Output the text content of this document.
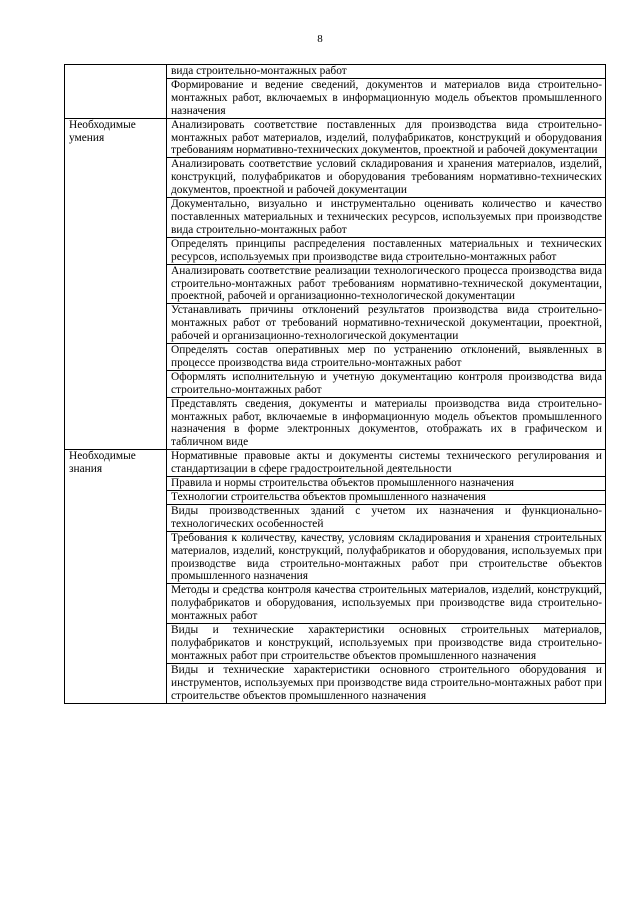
8

	вида строительно-монтажных работ

	Формирование и ведение сведений, документов и материалов вида строительно-монтажных работ, включаемых в информационную модель объектов промышленного назначения

Необходимые умения	Анализировать соответствие поставленных для производства вида строительно-монтажных работ материалов, изделий, полуфабрикатов, конструкций и оборудования требованиям нормативно-технических документов, проектной и рабочей документации

	Анализировать соответствие условий складирования и хранения материалов, изделий, конструкций, полуфабрикатов и оборудования требованиям нормативно-технических документов, проектной и рабочей документации

	Документально, визуально и инструментально оценивать количество и качество поставленных материальных и технических ресурсов, используемых при производстве вида строительно-монтажных работ

	Определять принципы распределения поставленных материальных и технических ресурсов, используемых при производстве вида строительно-монтажных работ

	Анализировать соответствие реализации технологического процесса производства вида строительно-монтажных работ требованиям нормативно-технической документации, проектной, рабочей и организационно-технологической документации

	Устанавливать причины отклонений результатов производства вида строительно-монтажных работ от требований нормативно-технической документации, проектной, рабочей и организационно-технологической документации

	Определять состав оперативных мер по устранению отклонений, выявленных в процессе производства вида строительно-монтажных работ

	Оформлять исполнительную и учетную документацию контроля производства вида строительно-монтажных работ

	Представлять сведения, документы и материалы производства вида строительно-монтажных работ, включаемые в информационную модель объектов промышленного назначения в форме электронных документов, отображать их в графическом и табличном виде

Необходимые знания	Нормативные правовые акты и документы системы технического регулирования и стандартизации в сфере градостроительной деятельности

	Правила и нормы строительства объектов промышленного назначения

	Технологии строительства объектов промышленного назначения

	Виды производственных зданий с учетом их назначения и функционально-технологических особенностей

	Требования к количеству, качеству, условиям складирования и хранения строительных материалов, изделий, конструкций, полуфабрикатов и оборудования, используемых при производстве вида строительно-монтажных работ при строительстве объектов промышленного назначения

	Методы и средства контроля качества строительных материалов, изделий, конструкций, полуфабрикатов и оборудования, используемых при производстве вида строительно-монтажных работ

	Виды и технические характеристики основных строительных материалов, полуфабрикатов и конструкций, используемых при производстве вида строительно-монтажных работ при строительстве объектов промышленного назначения

	Виды и технические характеристики основного строительного оборудования и инструментов, используемых при производстве вида строительно-монтажных работ при строительстве объектов промышленного назначения
